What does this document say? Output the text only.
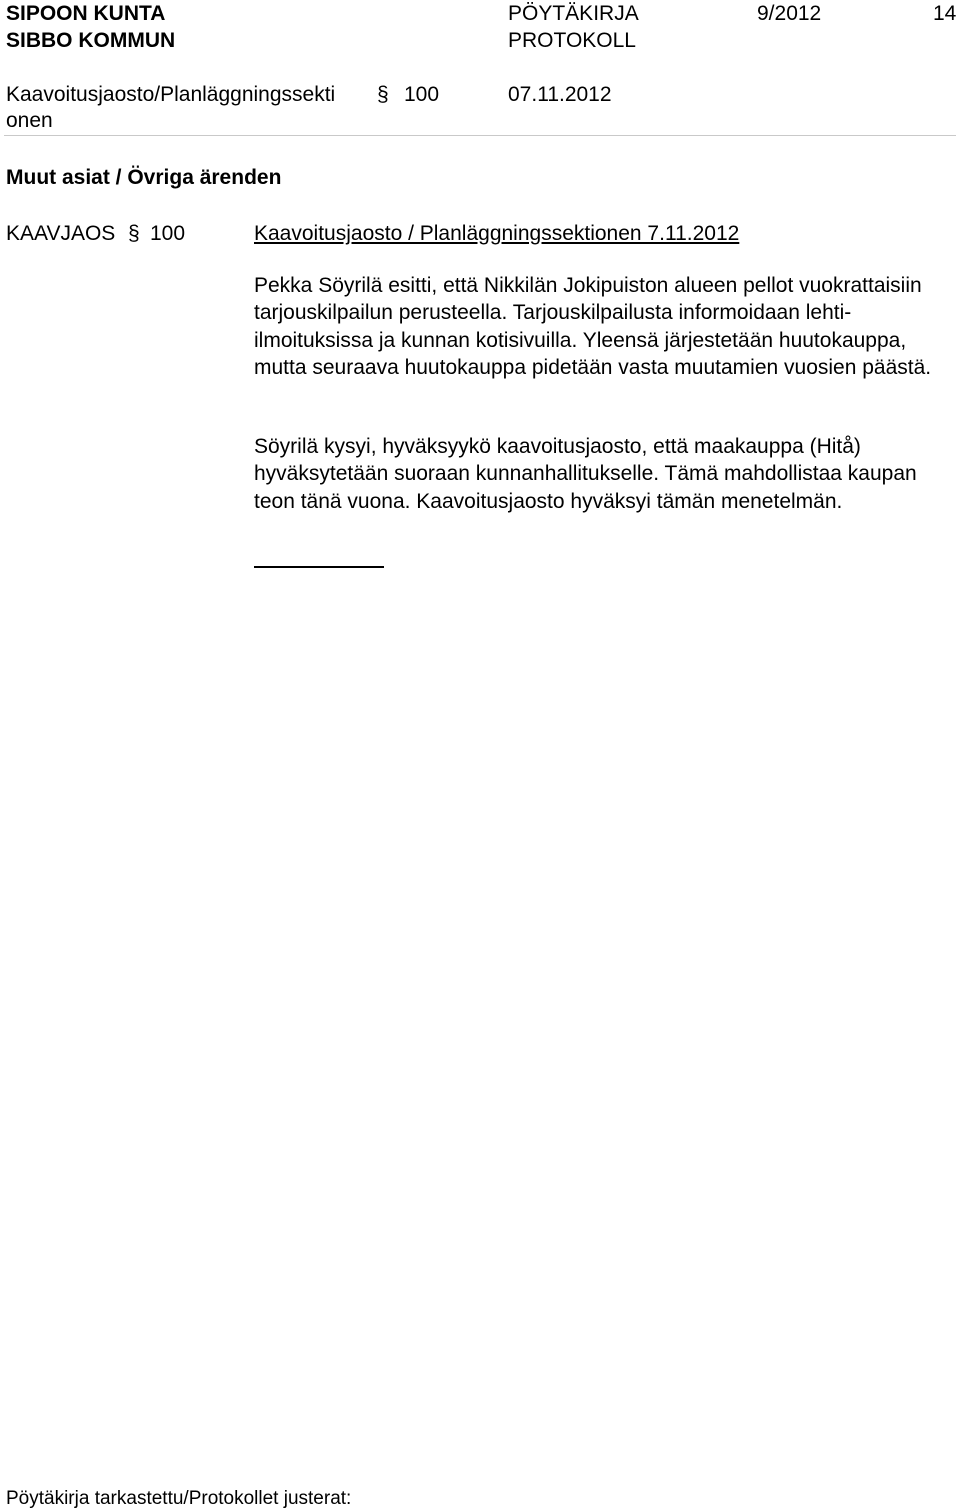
SIPOON KUNTA
SIBBO KOMMUN
PÖYTÄKIRJA
PROTOKOLL
9/2012	14
Kaavoitusjaosto/Planläggningssekti
onen
§ 100	07.11.2012
Muut asiat / Övriga ärenden
KAAVJAOS § 100	Kaavoitusjaosto / Planläggningssektionen 7.11.2012

Pekka Söyrilä esitti, että Nikkilän Jokipuiston alueen pellot vuokrattaisiin tarjouskilpailun perusteella. Tarjouskilpailusta informoidaan lehti-ilmoituksissa ja kunnan kotisivuilla. Yleensä järjestetään huutokauppa, mutta seuraava huutokauppa pidetään vasta muutamien vuosien päästä.

Söyrilä kysyi, hyväksyykö kaavoitusjaosto, että maakauppa (Hitå) hyväksytetään suoraan kunnanhallitukselle. Tämä mahdollistaa kaupan teon tänä vuona. Kaavoitusjaosto hyväksyi tämän menetelmän.

Pöytäkirja tarkastettu/Protokollet justerat:
